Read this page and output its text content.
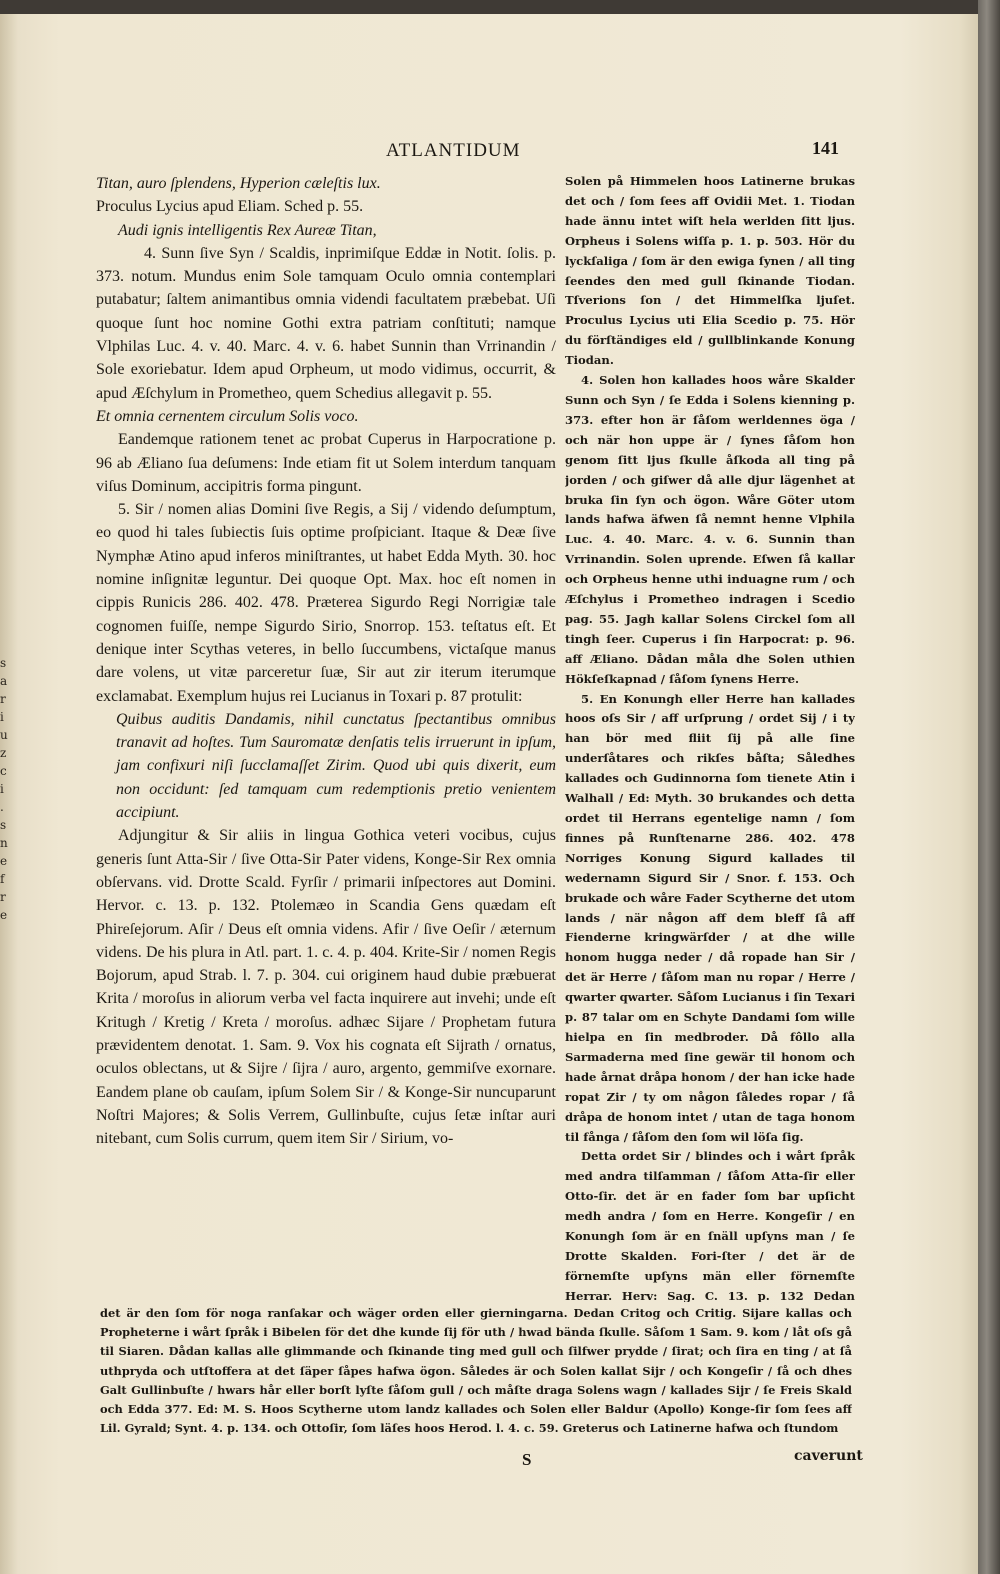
s
a
r
i
u
z
c
i
.
s
n
e
f
r
e
ATLANTIDUM	141

Titan, auro ſplendens, Hyperion cæleſtis lux.

Proculus Lycius apud Eliam. Sched p. 55.

Audi ignis intelligentis Rex Aureæ Titan,

4. Sunn ſive Syn / Scaldis, inprimiſque Eddæ in Notit. ſolis. p. 373. notum. Mundus enim Sole tamquam Oculo omnia contemplari putabatur; ſaltem animantibus omnia videndi facultatem præbebat. Uſi quoque ſunt hoc nomine Gothi extra patriam conſtituti; namque Vlphilas Luc. 4. v. 40. Marc. 4. v. 6. habet Sunnin than Vrrinandin / Sole exoriebatur. Idem apud Orpheum, ut modo vidimus, occurrit, & apud Æſchylum in Prometheo, quem Schedius allegavit p. 55.

Et omnia cernentem circulum Solis voco.

Eandemque rationem tenet ac probat Cuperus in Harpocratione p. 96 ab Æliano ſua deſumens: Inde etiam fit ut Solem interdum tanquam viſus Dominum, accipitris forma pingunt.

5. Sir / nomen alias Domini ſive Regis, a Sij / videndo deſumptum, eo quod hi tales ſubiectis ſuis optime proſpiciant. Itaque & Deæ ſive Nymphæ Atino apud inferos miniſtrantes, ut habet Edda Myth. 30. hoc nomine inſignitæ leguntur. Dei quoque Opt. Max. hoc eſt nomen in cippis Runicis 286. 402. 478. Præterea Sigurdo Regi Norrigiæ tale cognomen fuiſſe, nempe Sigurdo Sirio, Snorrop. 153. teſtatus eſt. Et denique inter Scythas veteres, in bello ſuccumbens, victaſque manus dare volens, ut vitæ parceretur ſuæ, Sir aut zir iterum iterumque exclamabat. Exemplum hujus rei Lucianus in Toxari p. 87 protulit:

Quibus auditis Dandamis, nihil cunctatus ſpectantibus omnibus tranavit ad hoſtes. Tum Sauromatæ denſatis telis irruerunt in ipſum, jam confixuri niſi ſucclamaſſet Zirim. Quod ubi quis dixerit, eum non occidunt: ſed tamquam cum redemptionis pretio venientem accipiunt.

Adjungitur & Sir aliis in lingua Gothica veteri vocibus, cujus generis ſunt Atta-Sir / ſive Otta-Sir Pater videns, Konge-Sir Rex omnia obſervans. vid. Drotte Scald. Fyrſir / primarii inſpectores aut Domini. Hervor. c. 13. p. 132. Ptolemæo in Scandia Gens quædam eſt Phireſejorum. Aſir / Deus eſt omnia videns. Afir / ſive Oeſir / æternum videns. De his plura in Atl. part. 1. c. 4. p. 404. Krite-Sir / nomen Regis Bojorum, apud Strab. l. 7. p. 304. cui originem haud dubie præbuerat Krita / moroſus in aliorum verba vel facta inquirere aut invehi; unde eſt Kritugh / Kretig / Kreta / moroſus. adhæc Sijare / Prophetam futura prævidentem denotat. 1. Sam. 9. Vox his cognata eſt Sijrath / ornatus, oculos oblectans, ut & Sijre / ſijra / auro, argento, gemmiſve exornare. Eandem plane ob cauſam, ipſum Solem Sir / & Konge-Sir nuncuparunt Noſtri Majores; & Solis Verrem, Gullinbuſte, cujus ſetæ inſtar auri nitebant, cum Solis currum, quem item Sir / Sirium, vo-

Solen på Himmelen hoos Latinerne brukas det och / ſom ſees aff Ovidii Met. 1. Tiodan hade ännu intet wiſt hela werlden ſitt ljus. Orpheus i Solens wiſſa p. 1. p. 503. Hör du lyckſaliga / ſom är den ewiga ſynen / all ting ſeendes den med gull ſkinande Tiodan. Tſverions ſon / det Himmelſka ljuſet. Proculus Lycius uti Elia Scedio p. 75. Hör du förſtändiges eld / gullblinkande Konung Tiodan.

4. Solen hon kallades hoos wåre Skalder Sunn och Syn / ſe Edda i Solens kienning p. 373. efter hon är ſåſom werldennes öga / och när hon uppe är / ſynes ſåſom hon genom ſitt ljus ſkulle åſkoda all ting på jorden / och giſwer då alle djur lägenhet at bruka ſin ſyn och ögon. Wåre Göter utom lands hafwa äfwen ſå nemnt henne Vlphila Luc. 4. 40. Marc. 4. v. 6. Sunnin than Vrrinandin. Solen uprende. Eſwen ſå kallar och Orpheus henne uthi induagne rum / och Æſchylus i Prometheo indragen i Scedio pag. 55. Jagh kallar Solens Circkel ſom all tingh ſeer. Cuperus i ſin Harpocrat: p. 96. aff Æliano. Dådan måla dhe Solen uthien Hökſeſkapnad / ſåſom ſynens Herre.

5. En Konungh eller Herre han kallades hoos oſs Sir / aff urſprung / ordet Sij / i ty han bör med fliit ſij på alle ſine underſåtares och rikſes båſta; Såledhes kallades och Gudinnorna ſom tienete Atin i Walhall / Ed: Myth. 30 brukandes och detta ordet til Herrans egentelige namn / ſom finnes på Runſtenarne 286. 402. 478 Norriges Konung Sigurd kallades til wedernamn Sigurd Sir / Snor. f. 153. Och brukade och wåre Fader Scytherne det utom lands / när någon aff dem bleff ſå aff Fienderne kringwärſder / at dhe wille honom hugga neder / då ropade han Sir / det är Herre / ſåſom man nu ropar / Herre / qwarter qwarter. Såſom Lucianus i ſin Texari p. 87 talar om en Schyte Dandami ſom wille hielpa en ſin medbroder. Då fôllo alla Sarmaderna med ſine gewär til honom och hade årnat dråpa honom / der han icke hade ropat Zir / ty om någon ſåledes ropar / ſå dråpa de honom intet / utan de taga honom til fånga / ſåſom den ſom wil löſa ſig.

Detta ordet Sir / blindes och i wårt ſpråk med andra tilſamman / ſåſom Atta-ſir eller Otto-ſir. det är en fader ſom bar upſicht medh andra / ſom en Herre. Kongeſir / en Konungh ſom är en ſnäll upſyns man / ſe Drotte Skalden. Fori-ſter / det är de förnemſte upſyns män eller förnemſte Herrar. Herv: Sag. C. 13. p. 132 Dedan

det är den ſom för noga ranſakar och wäger orden eller gierningarna. Dedan Critog och Critig. Sijare kallas och Propheterne i wårt ſpråk i Bibelen för det dhe kunde ſij för uth / hwad bända ſkulle. Såſom 1 Sam. 9. kom / låt oſs gå til Siaren. Dådan kallas alle glimmande och ſkinande ting med gull och ſilfwer prydde / ſirat; och ſira en ting / at ſå uthpryda och utſtoffera at det ſäper ſåpes hafwa ögon. Således är och Solen kallat Sijr / och Kongeſir / ſå och dhes Galt Gullinbuſte / hwars hår eller borſt lyſte ſåſom gull / och måſte draga Solens wagn / kallades Sijr / ſe Freis Skald och Edda 377. Ed: M. S. Hoos Scytherne utom landz kallades och Solen eller Baldur (Apollo) Konge-ſir ſom ſees aff Lil. Gyrald; Synt. 4. p. 134. och Ottoſir, ſom läſes hoos Herod. l. 4. c. 59. Greterus och Latinerne hafwa och ſtundom
S	caverunt
